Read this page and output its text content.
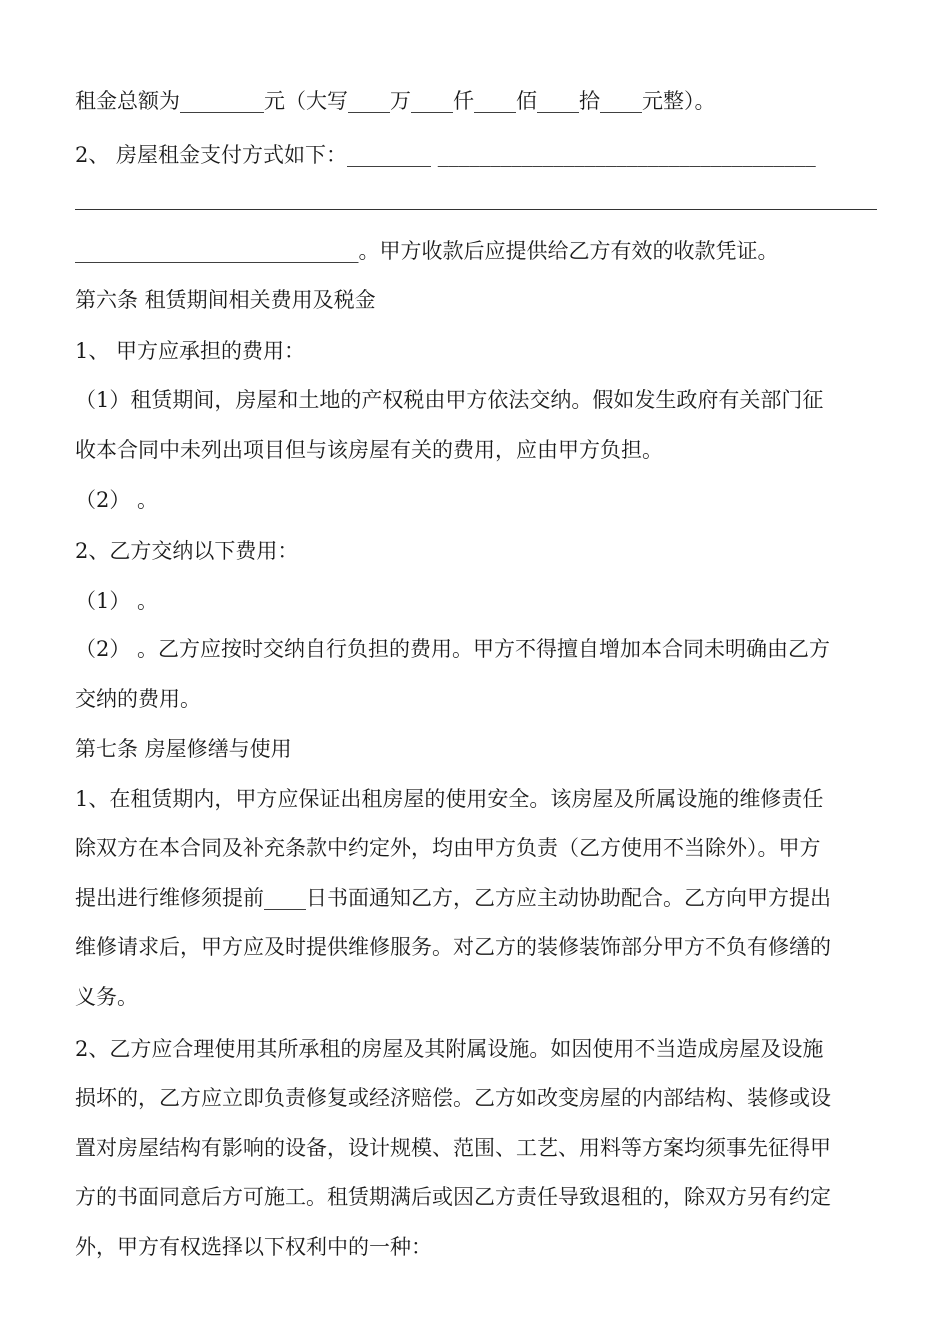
租金总额为________元（大写____万____仟____佰____拾____元整）。
2、 房屋租金支付方式如下：________ ____________________________________
___________________________。甲方收款后应提供给乙方有效的收款凭证。
第六条 租赁期间相关费用及税金
1、 甲方应承担的费用：
（1）租赁期间，房屋和土地的产权税由甲方依法交纳。假如发生政府有关部门征
收本合同中未列出项目但与该房屋有关的费用，应由甲方负担。
（2） 。
2、乙方交纳以下费用：
（1） 。
（2） 。乙方应按时交纳自行负担的费用。甲方不得擅自增加本合同未明确由乙方
交纳的费用。
第七条 房屋修缮与使用
1、在租赁期内，甲方应保证出租房屋的使用安全。该房屋及所属设施的维修责任
除双方在本合同及补充条款中约定外，均由甲方负责（乙方使用不当除外）。甲方
提出进行维修须提前____日书面通知乙方，乙方应主动协助配合。乙方向甲方提出
维修请求后，甲方应及时提供维修服务。对乙方的装修装饰部分甲方不负有修缮的
义务。
2、乙方应合理使用其所承租的房屋及其附属设施。如因使用不当造成房屋及设施
损坏的，乙方应立即负责修复或经济赔偿。乙方如改变房屋的内部结构、装修或设
置对房屋结构有影响的设备，设计规模、范围、工艺、用料等方案均须事先征得甲
方的书面同意后方可施工。租赁期满后或因乙方责任导致退租的，除双方另有约定
外，甲方有权选择以下权利中的一种：
